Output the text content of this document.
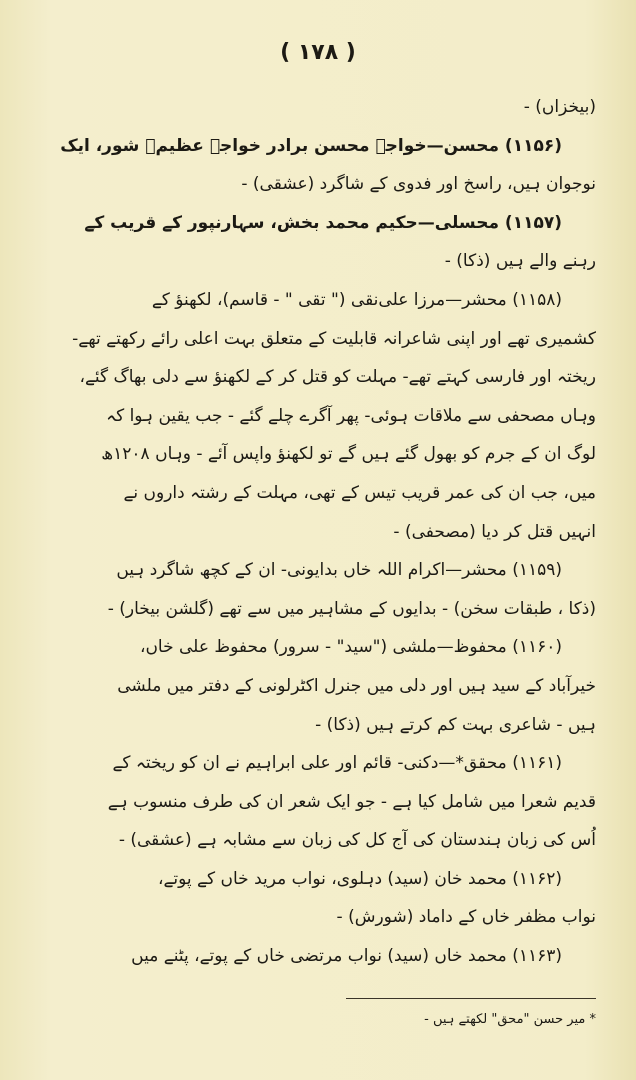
( ۱۷۸ )
(بیخزاں) -
(۱۱۵۶) محسن—خواجہ محسن برادر خواجہ عظیمؔ شور، ایک
نوجوان ہیں، راسخ اور فدوی کے شاگرد (عشقی) -
(۱۱۵۷) محسلی—حکیم محمد بخش، سہارنپور کے قریب کے
رہنے والے ہیں (ذکا) -
(۱۱۵۸) محشر—مرزا علی‌نقی (" تقی " - قاسم)، لکھنؤ کے
کشمیری تھے اور اپنی شاعرانہ قابلیت کے متعلق بہت اعلی رائے رکھتے تھے-
ریختہ اور فارسی کہتے تھے- مہلت کو قتل کر کے لکھنؤ سے دلی بھاگ گئے،
وہاں مصحفی سے ملاقات ہوئی- پھر آگرے چلے گئے - جب یقین ہوا کہ
لوگ ان کے جرم کو بھول گئے ہیں گے تو لکھنؤ واپس آئے - وہاں ۱۲۰۸ھ
میں، جب ان کی عمر قریب تیس کے تھی، مہلت کے رشتہ داروں نے
انہیں قتل کر دیا (مصحفی) -
(۱۱۵۹) محشر—اکرام اللہ خاں بدایونی- ان کے کچھ شاگرد ہیں
(ذکا ، طبقات سخن) - بدایوں کے مشاہیر میں سے تھے (گلشن بیخار) -
(۱۱۶۰) محفوظ—ملشی ("سید" - سرور) محفوظ علی خاں،
خیرآباد کے سید ہیں اور دلی میں جنرل اکٹرلونی کے دفتر میں ملشی
ہیں - شاعری بہت کم کرتے ہیں (ذکا) -
(۱۱۶۱) محقق*—دکنی- قائم اور علی ابراہیم نے ان کو ریختہ کے
قدیم شعرا میں شامل کیا ہے - جو ایک شعر ان کی طرف منسوب ہے
اُس کی زبان ہندستان کی آج کل کی زبان سے مشابہ ہے (عشقی) -
(۱۱۶۲) محمد خان (سید) دہلوی، نواب مرید خاں کے پوتے،
نواب مظفر خاں کے داماد (شورش) -
(۱۱۶۳) محمد خاں (سید) نواب مرتضی خاں کے پوتے، پٹنے میں
* میر حسن "محق" لکھتے ہیں -
